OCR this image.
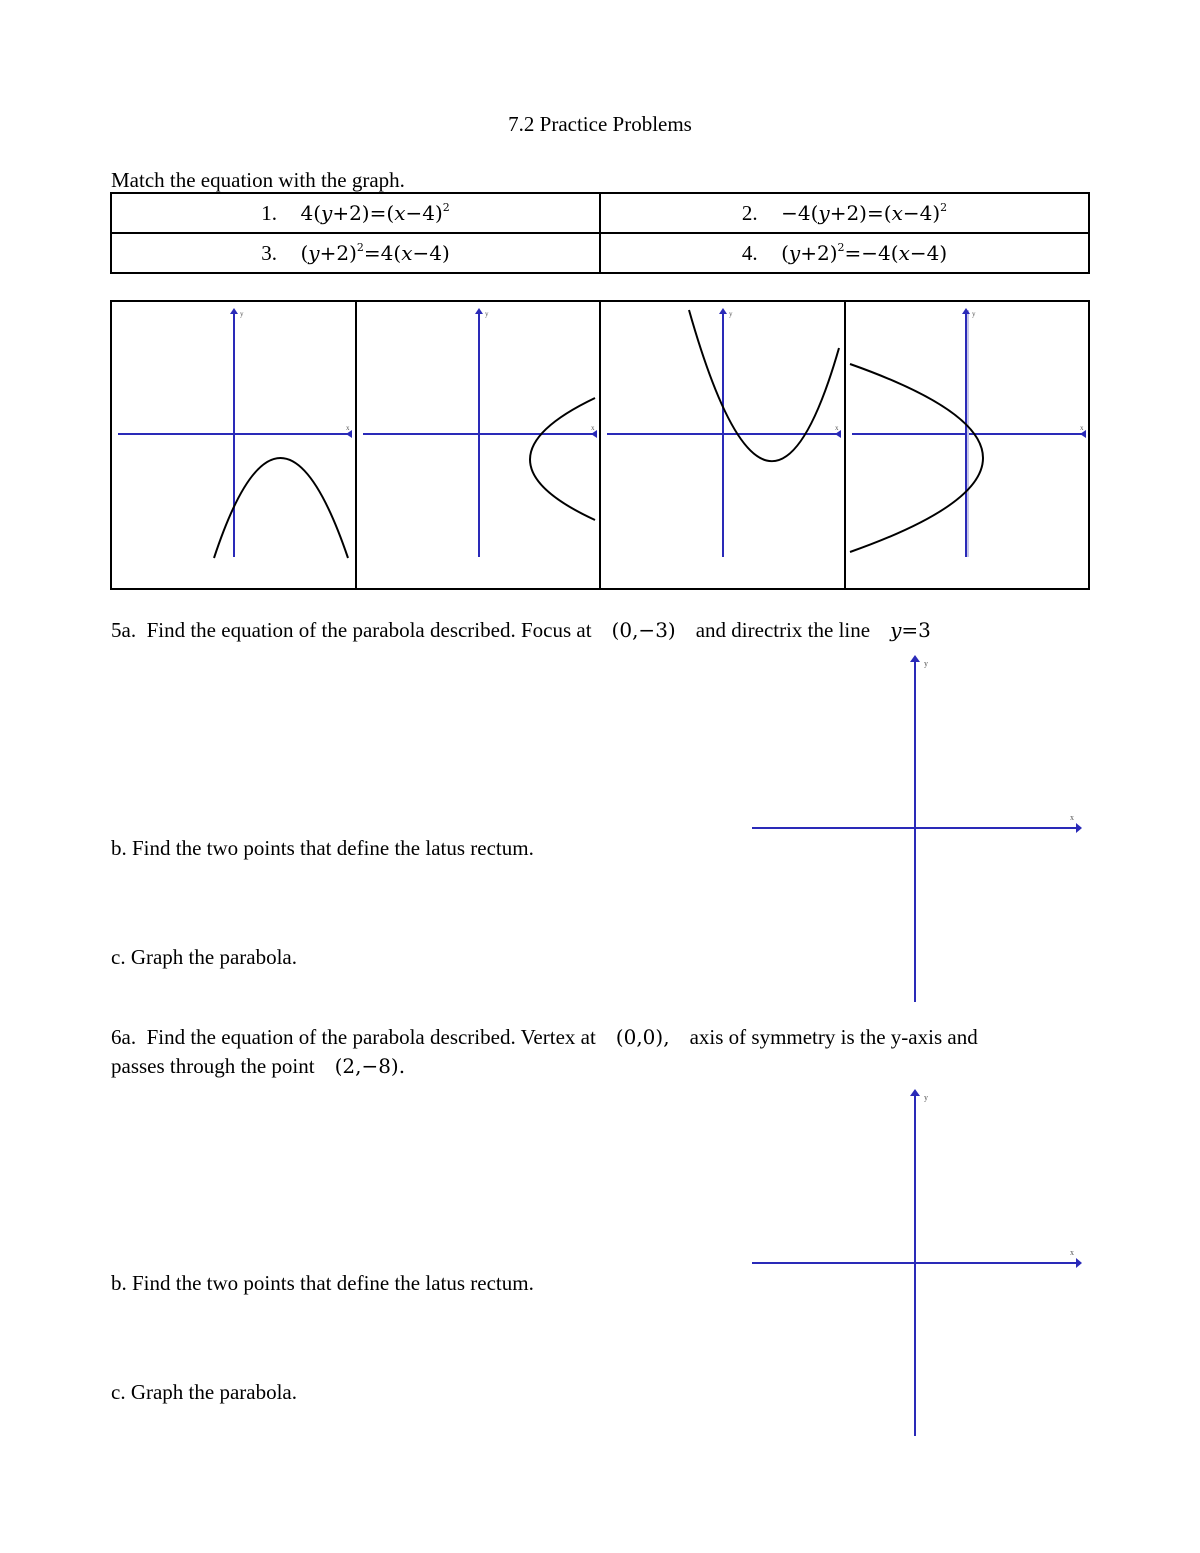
7.2 Practice Problems
Match the equation with the graph.
1. $4(y+2)=(x-4)^2$	2. $-4(y+2)=(x-4)^2$
3. $(y+2)^2=4(x-4)$	4. $(y+2)^2=-4(x-4)$
y
x
y
x
y
x
y
x
5a. Find the equation of the parabola described. Focus at (0,−3) and directrix the line y=3
b. Find the two points that define the latus rectum.
c. Graph the parabola.
y
x
6a. Find the equation of the parabola described. Vertex at (0,0), axis of symmetry is the y-axis and
passes through the point (2,−8).
b. Find the two points that define the latus rectum.
c. Graph the parabola.
y
x
